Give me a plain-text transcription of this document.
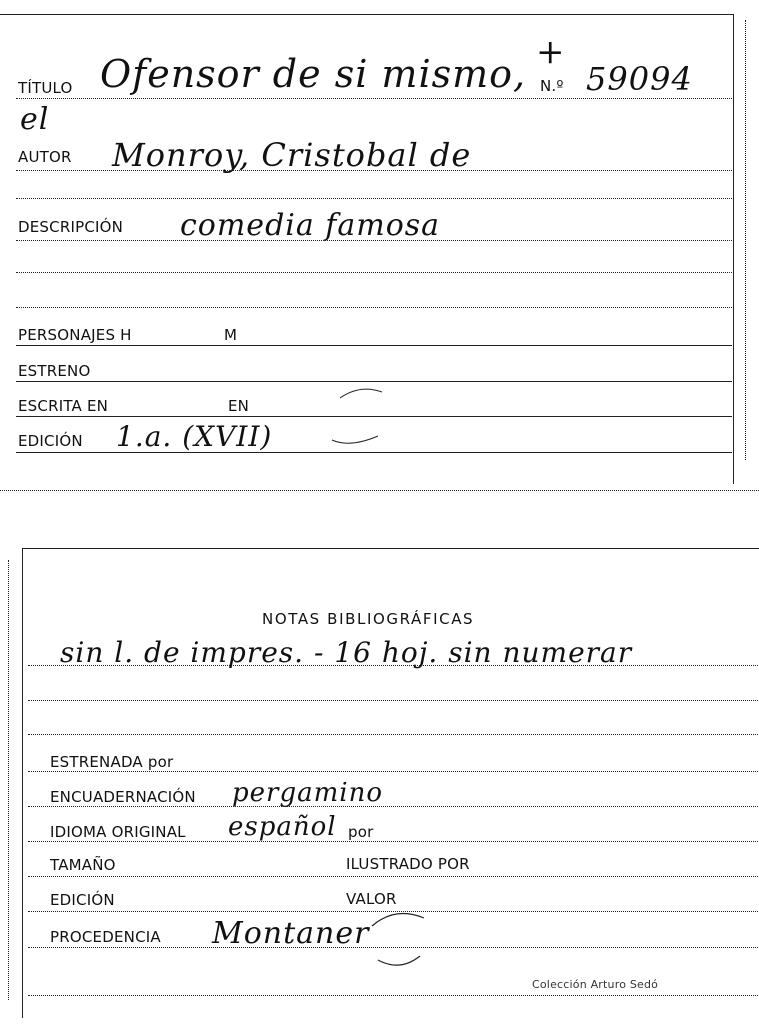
TÍTULO Ofensor de si mismo, +
N.º 59094
el
AUTOR Monroy, Cristobal de
DESCRIPCIÓN comedia famosa
PERSONAJES H	M
ESTRENO
ESCRITA EN	EN
EDICIÓN 1.a. (XVII)
NOTAS BIBLIOGRÁFICAS
sin l. de impres. - 16 hoj. sin numerar
ESTRENADA por
ENCUADERNACIÓN pergamino
IDIOMA ORIGINAL español por
TAMAÑO	ILUSTRADO POR
EDICIÓN	VALOR
PROCEDENCIA Montaner
Colección Arturo Sedó
